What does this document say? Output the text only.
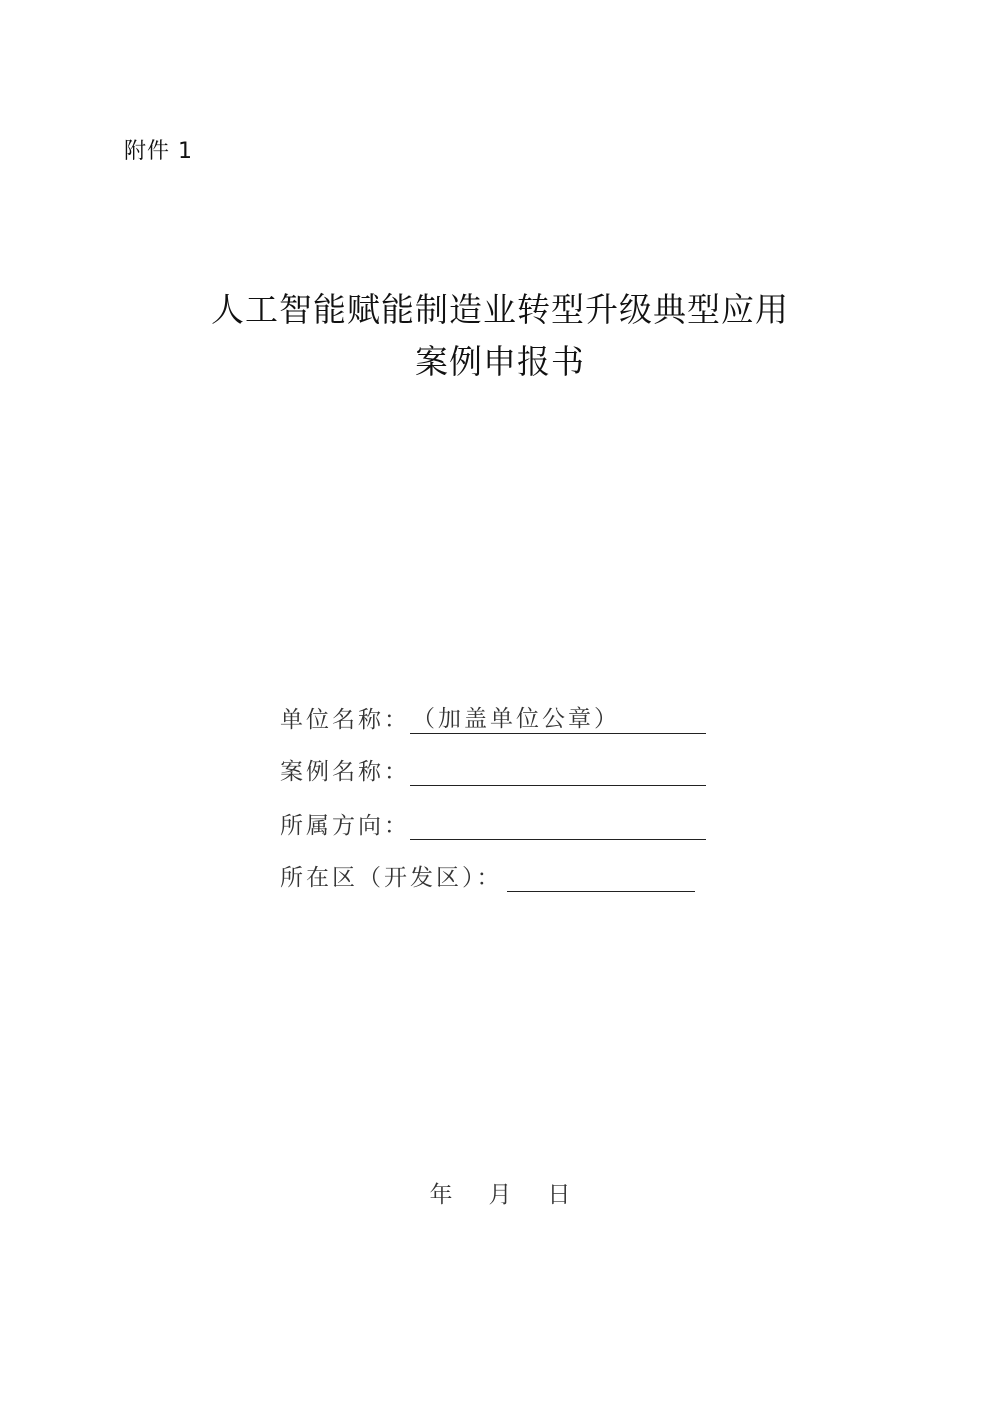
附件 1
人工智能赋能制造业转型升级典型应用
案例申报书
单位名称： （加盖单位公章）
案例名称：
所属方向：
所在区（开发区）：
年 月 日
